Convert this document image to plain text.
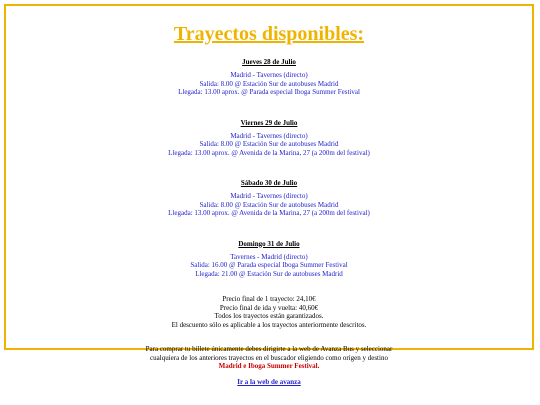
Trayectos disponibles:
Jueves 28 de Julio
Madrid - Tavernes (directo)
Salida: 8.00 @ Estación Sur de autobuses Madrid
Llegada: 13.00 aprox. @ Parada especial Iboga Summer Festival
Viernes 29 de Julio
Madrid - Tavernes (directo)
Salida: 8.00 @ Estación Sur de autobuses Madrid
Llegada: 13.00 aprox. @ Avenida de la Marina, 27 (a 200m del festival)
Sábado 30 de Julio
Madrid - Tavernes (directo)
Salida: 8.00 @ Estación Sur de autobuses Madrid
Llegada: 13.00 aprox. @ Avenida de la Marina, 27 (a 200m del festival)
Domingo 31 de Julio
Tavernes - Madrid (directo)
Salida: 16.00 @ Parada especial Iboga Summer Festival
Llegada: 21.00 @ Estación Sur de autobuses Madrid
Precio final de 1 trayecto: 24,10€
Precio final de ida y vuelta: 40,60€
Todos los trayectos están garantizados.
El descuento sólo es aplicable a los trayectos anteriormente descritos.
Para comprar tu billete únicamente debes dirigirte a la web de Avanza Bus y seleccionar
cualquiera de los anteriores trayectos en el buscador eligiendo como origen y destino
Madrid e Iboga Summer Festival.
Ir a la web de avanza
